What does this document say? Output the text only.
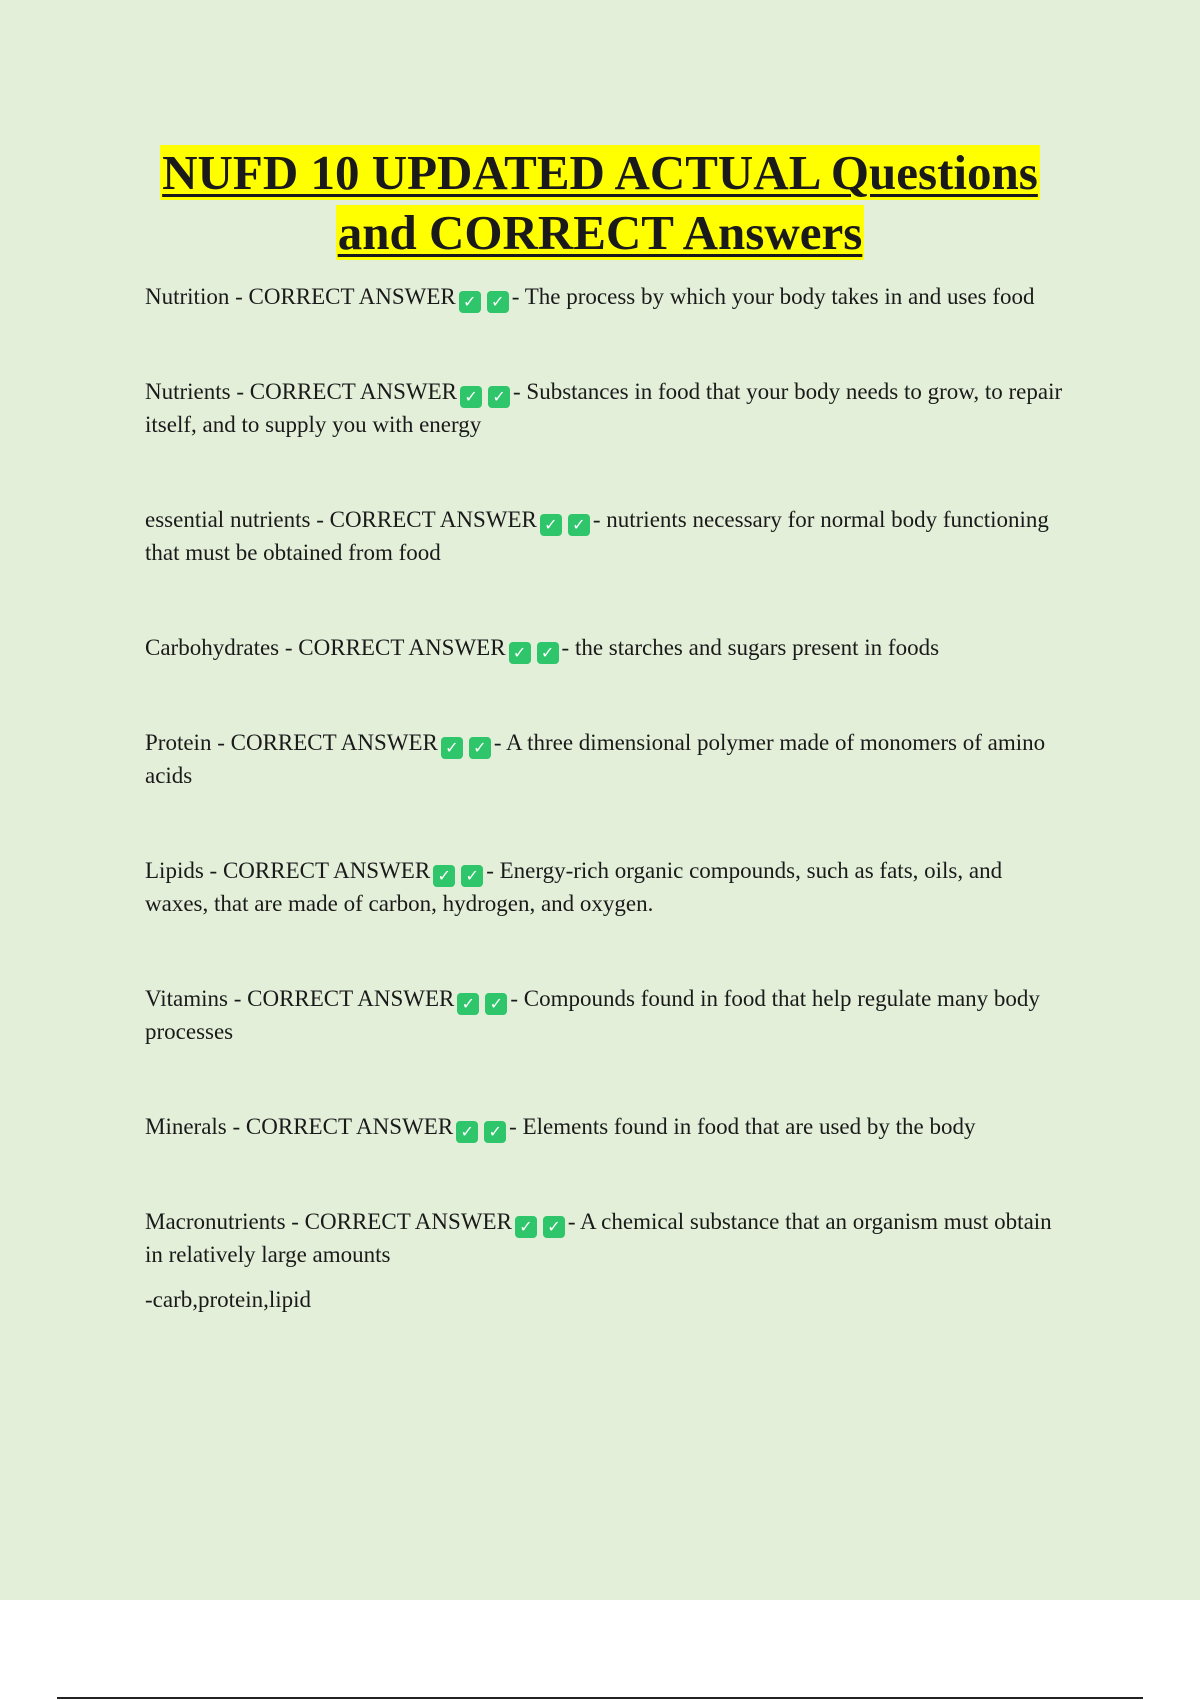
NUFD 10 UPDATED ACTUAL Questions
and CORRECT Answers

Nutrition - CORRECT ANSWER ✓ ✓ - The process by which your body takes in and uses food

Nutrients - CORRECT ANSWER ✓ ✓ - Substances in food that your body needs to grow, to repair itself, and to supply you with energy

essential nutrients - CORRECT ANSWER ✓ ✓ - nutrients necessary for normal body functioning that must be obtained from food

Carbohydrates - CORRECT ANSWER ✓ ✓ - the starches and sugars present in foods

Protein - CORRECT ANSWER ✓ ✓ - A three dimensional polymer made of monomers of amino acids

Lipids - CORRECT ANSWER ✓ ✓ - Energy-rich organic compounds, such as fats, oils, and waxes, that are made of carbon, hydrogen, and oxygen.

Vitamins - CORRECT ANSWER ✓ ✓ - Compounds found in food that help regulate many body processes

Minerals - CORRECT ANSWER ✓ ✓ - Elements found in food that are used by the body

Macronutrients - CORRECT ANSWER ✓ ✓ - A chemical substance that an organism must obtain in relatively large amounts
-carb,protein,lipid
